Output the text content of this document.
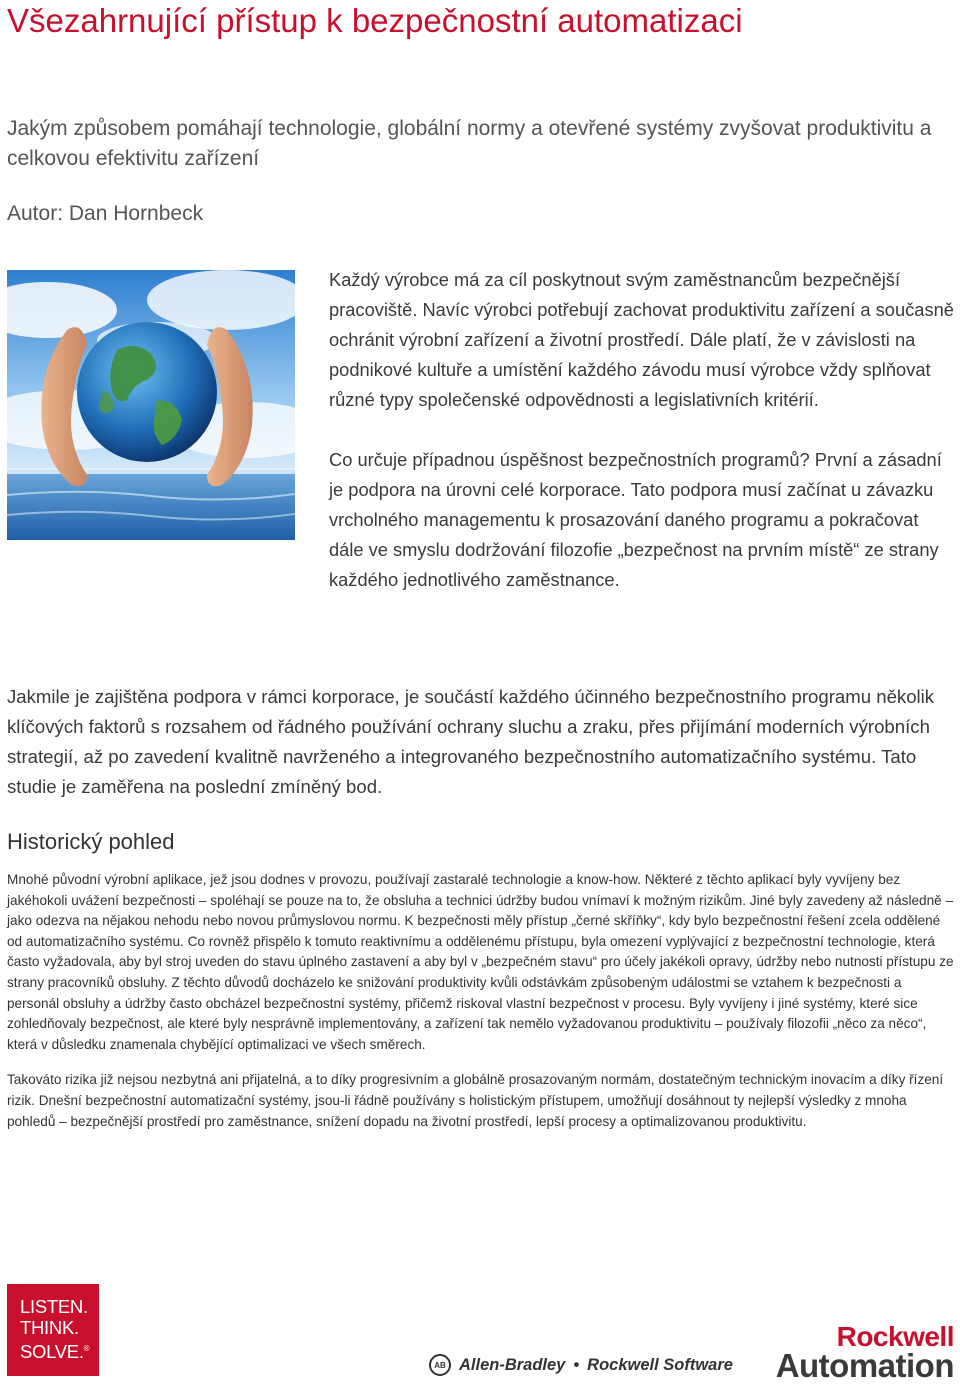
Všezahrnující přístup k bezpečnostní automatizaci

Jakým způsobem pomáhají technologie, globální normy a otevřené systémy zvyšovat produktivitu a celkovou efektivitu zařízení

Autor: Dan Hornbeck

Každý výrobce má za cíl poskytnout svým zaměstnancům bezpečnější pracoviště. Navíc výrobci potřebují zachovat produktivitu zařízení a současně ochránit výrobní zařízení a životní prostředí. Dále platí, že v závislosti na podnikové kultuře a umístění každého závodu musí výrobce vždy splňovat různé typy společenské odpovědnosti a legislativních kritérií.

Co určuje případnou úspěšnost bezpečnostních programů? První a zásadní je podpora na úrovni celé korporace. Tato podpora musí začínat u závazku vrcholného managementu k prosazování daného programu a pokračovat dále ve smyslu dodržování filozofie „bezpečnost na prvním místě“ ze strany každého jednotlivého zaměstnance.

Jakmile je zajištěna podpora v rámci korporace, je součástí každého účinného bezpečnostního programu několik klíčových faktorů s rozsahem od řádného používání ochrany sluchu a zraku, přes přijímání moderních výrobních strategií, až po zavedení kvalitně navrženého a integrovaného bezpečnostního automatizačního systému. Tato studie je zaměřena na poslední zmíněný bod.

Historický pohled

Mnohé původní výrobní aplikace, jež jsou dodnes v provozu, používají zastaralé technologie a know-how. Některé z těchto aplikací byly vyvíjeny bez jakéhokoli uvážení bezpečnosti – spoléhají se pouze na to, že obsluha a technici údržby budou vnímaví k možným rizikům. Jiné byly zavedeny až následně – jako odezva na nějakou nehodu nebo novou průmyslovou normu. K bezpečnosti měly přístup „černé skříňky“, kdy bylo bezpečnostní řešení zcela oddělené od automatizačního systému. Co rovněž přispělo k tomuto reaktivnímu a oddělenému přístupu, byla omezení vyplývající z bezpečnostní technologie, která často vyžadovala, aby byl stroj uveden do stavu úplného zastavení a aby byl v „bezpečném stavu“ pro účely jakékoli opravy, údržby nebo nutnosti přístupu ze strany pracovníků obsluhy. Z těchto důvodů docházelo ke snižování produktivity kvůli odstávkám způsobeným událostmi se vztahem k bezpečnosti a personál obsluhy a údržby často obcházel bezpečnostní systémy, přičemž riskoval vlastní bezpečnost v procesu. Byly vyvíjeny i jiné systémy, které sice zohledňovaly bezpečnost, ale které byly nesprávně implementovány, a zařízení tak nemělo vyžadovanou produktivitu – používaly filozofii „něco za něco“, která v důsledku znamenala chybějící optimalizaci ve všech směrech.

Takováto rizika již nejsou nezbytná ani přijatelná, a to díky progresivním a globálně prosazovaným normám, dostatečným technickým inovacím a díky řízení rizik. Dnešní bezpečnostní automatizační systémy, jsou-li řádně používány s holistickým přístupem, umožňují dosáhnout ty nejlepší výsledky z mnoha pohledů – bezpečnější prostředí pro zaměstnance, snížení dopadu na životní prostředí, lepší procesy a optimalizovanou produktivitu.

LISTEN.
THINK.
SOLVE.®
AB Allen-Bradley • Rockwell Software
Rockwell
Automation
